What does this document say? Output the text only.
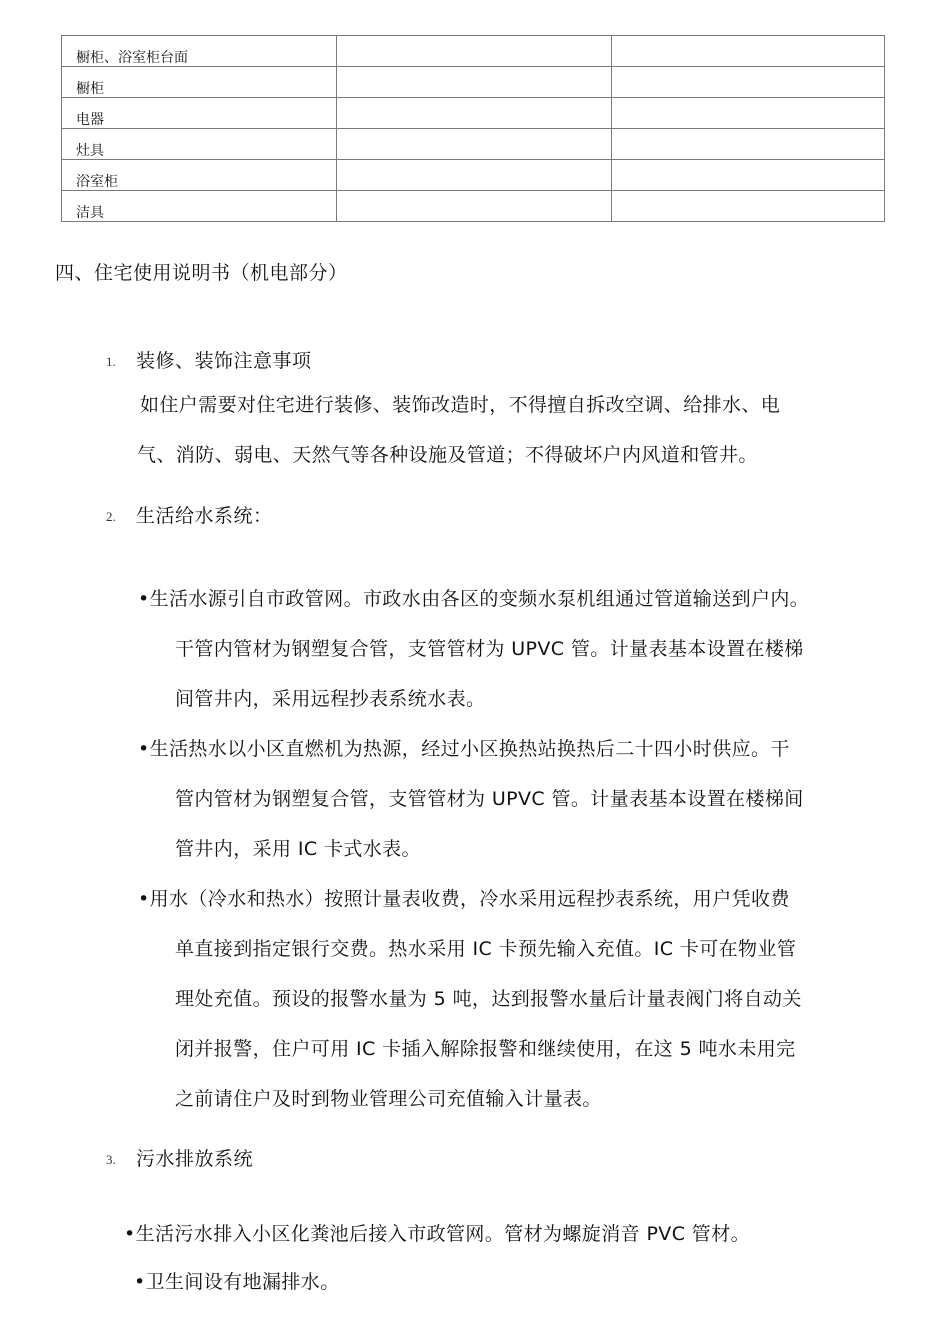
橱柜、浴室柜台面		
橱柜		
电器		
灶具		
浴室柜		
洁具		
四、住宅使用说明书（机电部分）
1. 装修、装饰注意事项
如住户需要对住宅进行装修、装饰改造时，不得擅自拆改空调、给排水、电
气、消防、弱电、天然气等各种设施及管道；不得破坏户内风道和管井。
2. 生活给水系统：
•生活水源引自市政管网。市政水由各区的变频水泵机组通过管道输送到户内。
干管内管材为钢塑复合管，支管管材为 UPVC 管。计量表基本设置在楼梯
间管井内，采用远程抄表系统水表。
•生活热水以小区直燃机为热源，经过小区换热站换热后二十四小时供应。干
管内管材为钢塑复合管，支管管材为 UPVC 管。计量表基本设置在楼梯间
管井内，采用 IC 卡式水表。
•用水（冷水和热水）按照计量表收费，冷水采用远程抄表系统，用户凭收费
单直接到指定银行交费。热水采用 IC 卡预先输入充值。IC 卡可在物业管
理处充值。预设的报警水量为 5 吨，达到报警水量后计量表阀门将自动关
闭并报警，住户可用 IC 卡插入解除报警和继续使用，在这 5 吨水未用完
之前请住户及时到物业管理公司充值输入计量表。
3. 污水排放系统
•生活污水排入小区化粪池后接入市政管网。管材为螺旋消音 PVC 管材。
•卫生间设有地漏排水。
